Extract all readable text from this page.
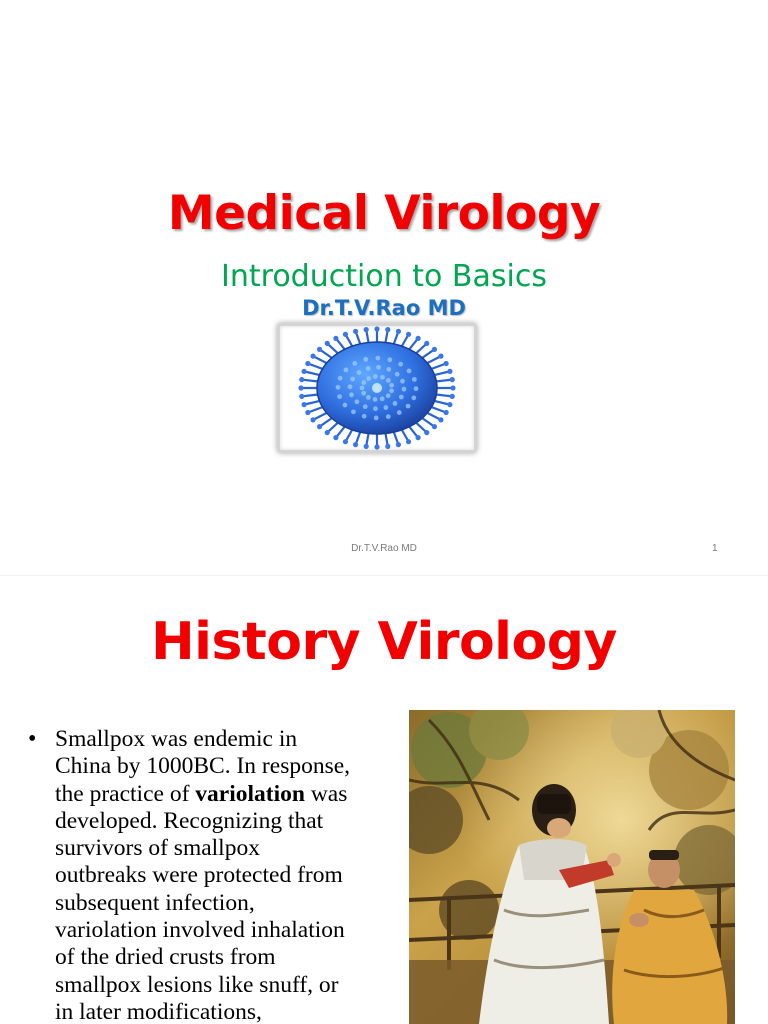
Medical Virology
Introduction to Basics
Dr.T.V.Rao MD
Dr.T.V.Rao MD	1
History Virology
• Smallpox was endemic in
China by 1000BC. In response,
the practice of variolation was
developed. Recognizing that
survivors of smallpox
outbreaks were protected from
subsequent infection,
variolation involved inhalation
of the dried crusts from
smallpox lesions like snuff, or
in later modifications,
